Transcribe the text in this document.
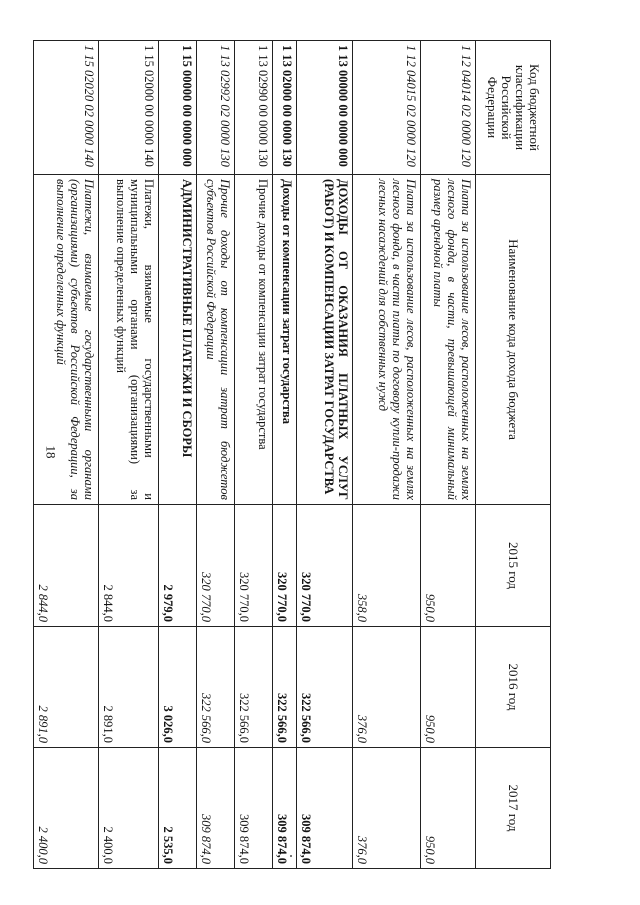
18
Код бюджетной классификации Российской Федерации	Наименование кода дохода бюджета	2015 год	2016 год	2017 год
1 12 04014 02 0000 120	Плата за использование лесов, расположенных на землях лесного фонда, в части, превышающей минимальный размер арендной платы	950,0	950,0	950,0
1 12 04015 02 0000 120	Плата за использование лесов, расположенных на землях лесного фонда, в части платы по договору купли-продажи лесных насаждений для собственных нужд	358,0	376,0	376,0
1 13 00000 00 0000 000	ДОХОДЫ ОТ ОКАЗАНИЯ ПЛАТНЫХ УСЛУГ (РАБОТ) И КОМПЕНСАЦИИ ЗАТРАТ ГОСУДАРСТВА	320 770,0	322 566,0	309 874,0
1 13 02000 00 0000 130	Доходы от компенсации затрат государства	320 770,0	322 566,0	309 874,0
1 13 02990 00 0000 130	Прочие доходы от компенсации затрат государства	320 770,0	322 566,0	309 874,0
1 13 02992 02 0000 130	Прочие доходы от компенсации затрат бюджетов субъектов Российской Федерации	320 770,0	322 566,0	309 874,0
1 15 00000 00 0000 000	АДМИНИСТРАТИВНЫЕ ПЛАТЕЖИ И СБОРЫ	2 979,0	3 026,0	2 535,0
1 15 02000 00 0000 140	Платежи, взимаемые государственными и муниципальными органами (организациями) за выполнение определенных функций	2 844,0	2 891,0	2 400,0
1 15 02020 02 0000 140	Платежи, взимаемые государственными органами (организациями) субъектов Российской Федерации, за выполнение определенных функций	2 844,0	2 891,0	2 400,0
